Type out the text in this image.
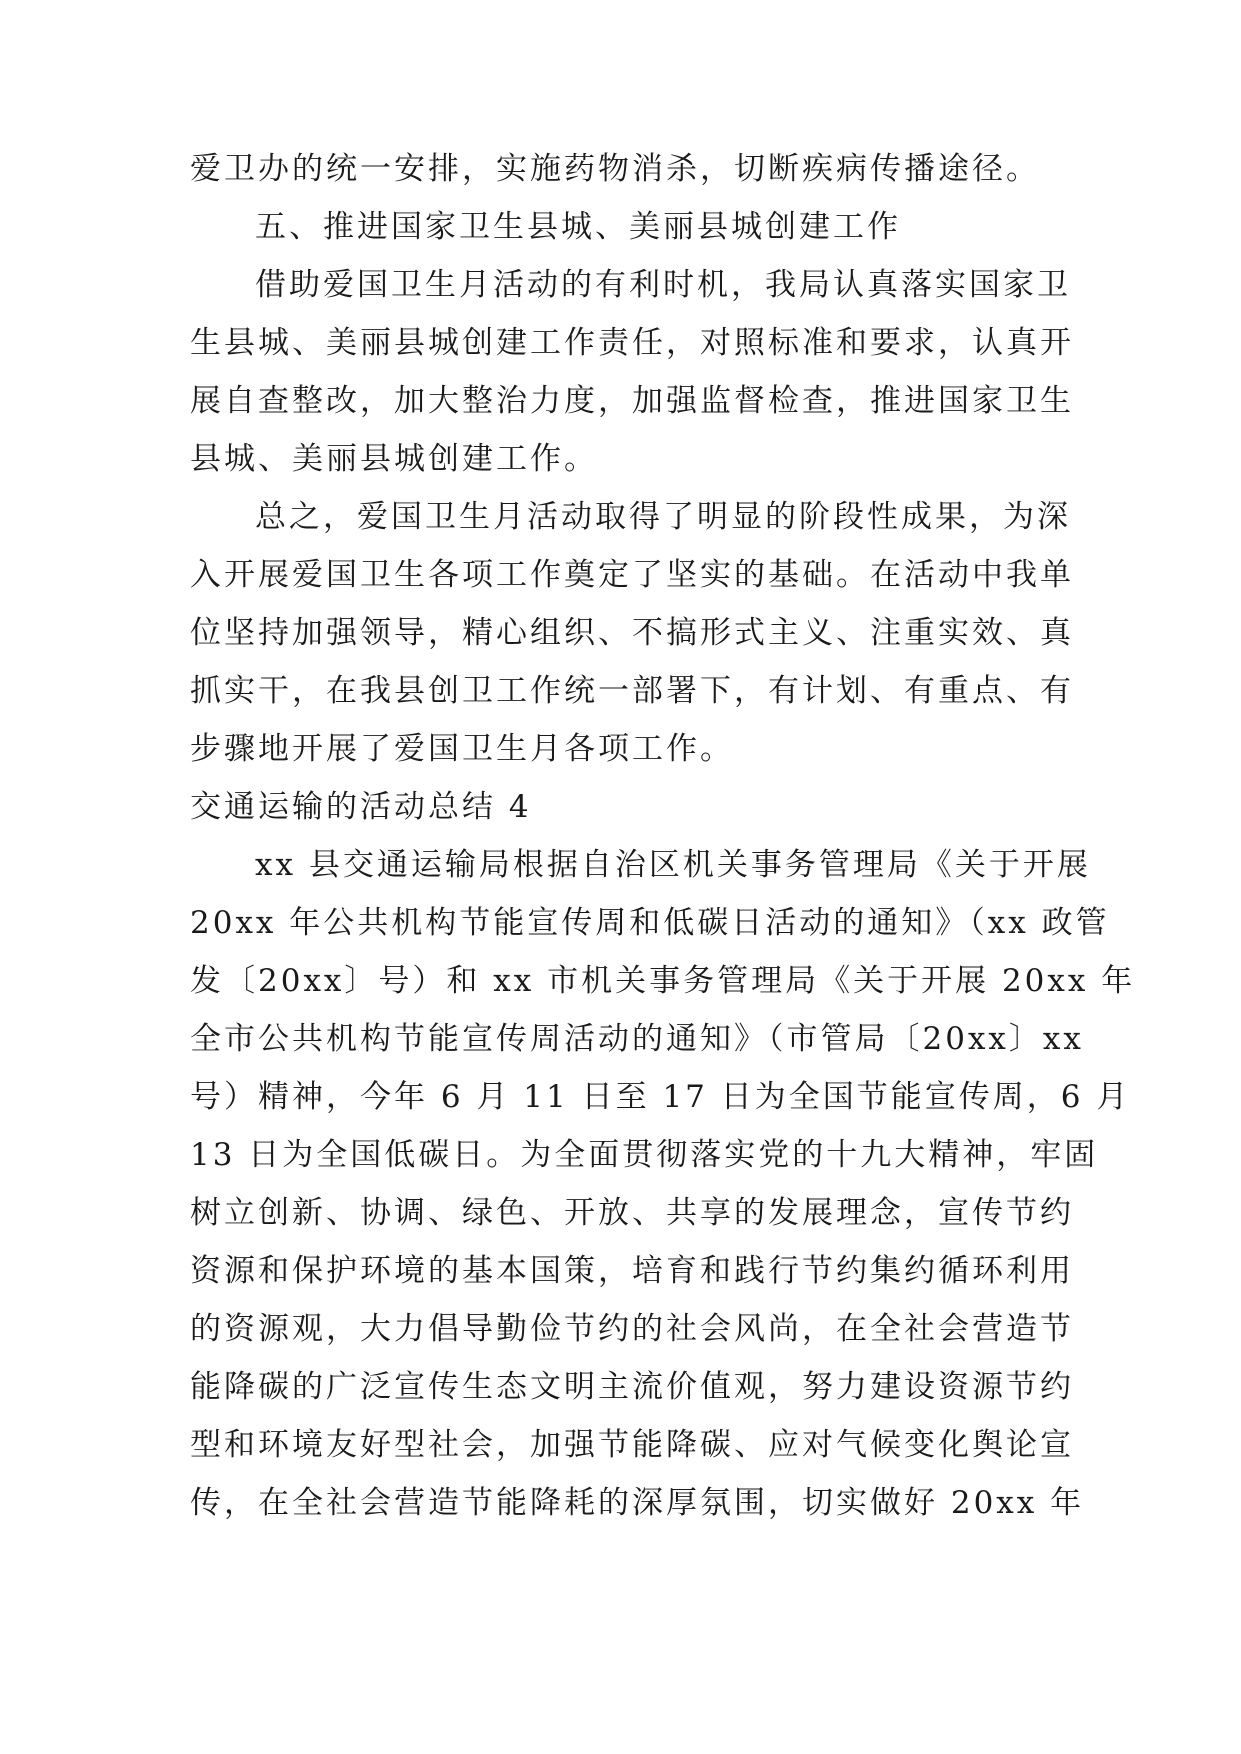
爱卫办的统一安排，实施药物消杀，切断疾病传播途径。
五、推进国家卫生县城、美丽县城创建工作
借助爱国卫生月活动的有利时机，我局认真落实国家卫
生县城、美丽县城创建工作责任，对照标准和要求，认真开
展自查整改，加大整治力度，加强监督检查，推进国家卫生
县城、美丽县城创建工作。
总之，爱国卫生月活动取得了明显的阶段性成果，为深
入开展爱国卫生各项工作奠定了坚实的基础。在活动中我单
位坚持加强领导，精心组织、不搞形式主义、注重实效、真
抓实干，在我县创卫工作统一部署下，有计划、有重点、有
步骤地开展了爱国卫生月各项工作。
交通运输的活动总结 4
xx 县交通运输局根据自治区机关事务管理局《关于开展
20xx 年公共机构节能宣传周和低碳日活动的通知》（xx 政管
发〔20xx〕号）和 xx 市机关事务管理局《关于开展 20xx 年
全市公共机构节能宣传周活动的通知》（市管局〔20xx〕xx
号）精神，今年 6 月 11 日至 17 日为全国节能宣传周，6 月
13 日为全国低碳日。为全面贯彻落实党的十九大精神，牢固
树立创新、协调、绿色、开放、共享的发展理念，宣传节约
资源和保护环境的基本国策，培育和践行节约集约循环利用
的资源观，大力倡导勤俭节约的社会风尚，在全社会营造节
能降碳的广泛宣传生态文明主流价值观，努力建设资源节约
型和环境友好型社会，加强节能降碳、应对气候变化舆论宣
传，在全社会营造节能降耗的深厚氛围，切实做好 20xx 年
